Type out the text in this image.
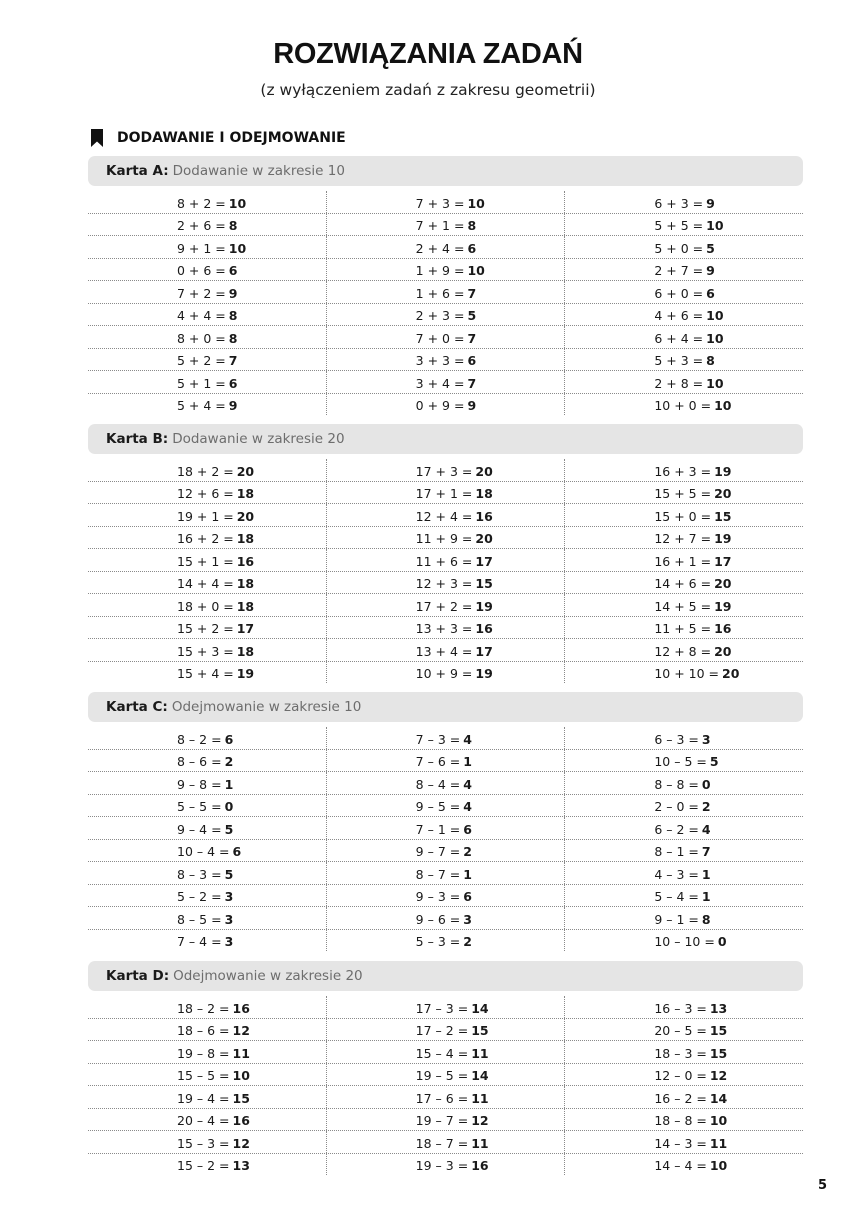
ROZWIĄZANIA ZADAŃ
(z wyłączeniem zadań z zakresu geometrii)
DODAWANIE I ODEJMOWANIE
Karta A: Dodawanie w zakresie 10
8 + 2 = 10	7 + 3 = 10	6 + 3 = 9
2 + 6 = 8	7 + 1 = 8	5 + 5 = 10
9 + 1 = 10	2 + 4 = 6	5 + 0 = 5
0 + 6 = 6	1 + 9 = 10	2 + 7 = 9
7 + 2 = 9	1 + 6 = 7	6 + 0 = 6
4 + 4 = 8	2 + 3 = 5	4 + 6 = 10
8 + 0 = 8	7 + 0 = 7	6 + 4 = 10
5 + 2 = 7	3 + 3 = 6	5 + 3 = 8
5 + 1 = 6	3 + 4 = 7	2 + 8 = 10
5 + 4 = 9	0 + 9 = 9	10 + 0 = 10
Karta B: Dodawanie w zakresie 20
18 + 2 = 20	17 + 3 = 20	16 + 3 = 19
12 + 6 = 18	17 + 1 = 18	15 + 5 = 20
19 + 1 = 20	12 + 4 = 16	15 + 0 = 15
16 + 2 = 18	11 + 9 = 20	12 + 7 = 19
15 + 1 = 16	11 + 6 = 17	16 + 1 = 17
14 + 4 = 18	12 + 3 = 15	14 + 6 = 20
18 + 0 = 18	17 + 2 = 19	14 + 5 = 19
15 + 2 = 17	13 + 3 = 16	11 + 5 = 16
15 + 3 = 18	13 + 4 = 17	12 + 8 = 20
15 + 4 = 19	10 + 9 = 19	10 + 10 = 20
Karta C: Odejmowanie w zakresie 10
8 – 2 = 6	7 – 3 = 4	6 – 3 = 3
8 – 6 = 2	7 – 6 = 1	10 – 5 = 5
9 – 8 = 1	8 – 4 = 4	8 – 8 = 0
5 – 5 = 0	9 – 5 = 4	2 – 0 = 2
9 – 4 = 5	7 – 1 = 6	6 – 2 = 4
10 – 4 = 6	9 – 7 = 2	8 – 1 = 7
8 – 3 = 5	8 – 7 = 1	4 – 3 = 1
5 – 2 = 3	9 – 3 = 6	5 – 4 = 1
8 – 5 = 3	9 – 6 = 3	9 – 1 = 8
7 – 4 = 3	5 – 3 = 2	10 – 10 = 0
Karta D: Odejmowanie w zakresie 20
18 – 2 = 16	17 – 3 = 14	16 – 3 = 13
18 – 6 = 12	17 – 2 = 15	20 – 5 = 15
19 – 8 = 11	15 – 4 = 11	18 – 3 = 15
15 – 5 = 10	19 – 5 = 14	12 – 0 = 12
19 – 4 = 15	17 – 6 = 11	16 – 2 = 14
20 – 4 = 16	19 – 7 = 12	18 – 8 = 10
15 – 3 = 12	18 – 7 = 11	14 – 3 = 11
15 – 2 = 13	19 – 3 = 16	14 – 4 = 10
5
